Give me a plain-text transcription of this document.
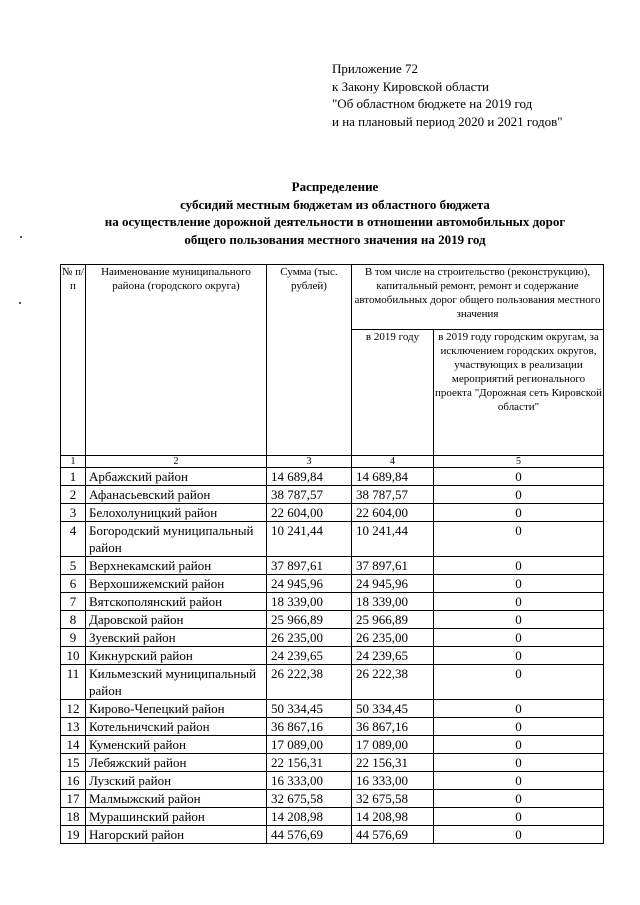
Приложение 72
к Закону Кировской области
"Об областном бюджете на 2019 год
и на плановый период 2020 и 2021 годов"
Распределение
субсидий местным бюджетам из областного бюджета
на осуществление дорожной деятельности в отношении автомобильных дорог
общего пользования местного значения на 2019 год
№ п/п	Наименование муниципального района (городского округа)	Сумма (тыс. рублей)	В том числе на строительство (реконструкцию), капитальный ремонт, ремонт и содержание автомобильных дорог общего пользования местного значения	
			в 2019 году	в 2019 году городским округам, за исключением городских округов, участвующих в реализации мероприятий регионального проекта "Дорожная сеть Кировской области"
1	2	3	4	5
1	Арбажский район	14 689,84	14 689,84	0
2	Афанасьевский район	38 787,57	38 787,57	0
3	Белохолуницкий район	22 604,00	22 604,00	0
4	Богородский муниципальный район	10 241,44	10 241,44	0
5	Верхнекамский район	37 897,61	37 897,61	0
6	Верхошижемский район	24 945,96	24 945,96	0
7	Вятскополянский район	18 339,00	18 339,00	0
8	Даровской район	25 966,89	25 966,89	0
9	Зуевский район	26 235,00	26 235,00	0
10	Кикнурский район	24 239,65	24 239,65	0
11	Кильмезский муниципальный район	26 222,38	26 222,38	0
12	Кирово-Чепецкий район	50 334,45	50 334,45	0
13	Котельничский район	36 867,16	36 867,16	0
14	Куменский район	17 089,00	17 089,00	0
15	Лебяжский район	22 156,31	22 156,31	0
16	Лузский район	16 333,00	16 333,00	0
17	Малмыжский район	32 675,58	32 675,58	0
18	Мурашинский район	14 208,98	14 208,98	0
19	Нагорский район	44 576,69	44 576,69	0
